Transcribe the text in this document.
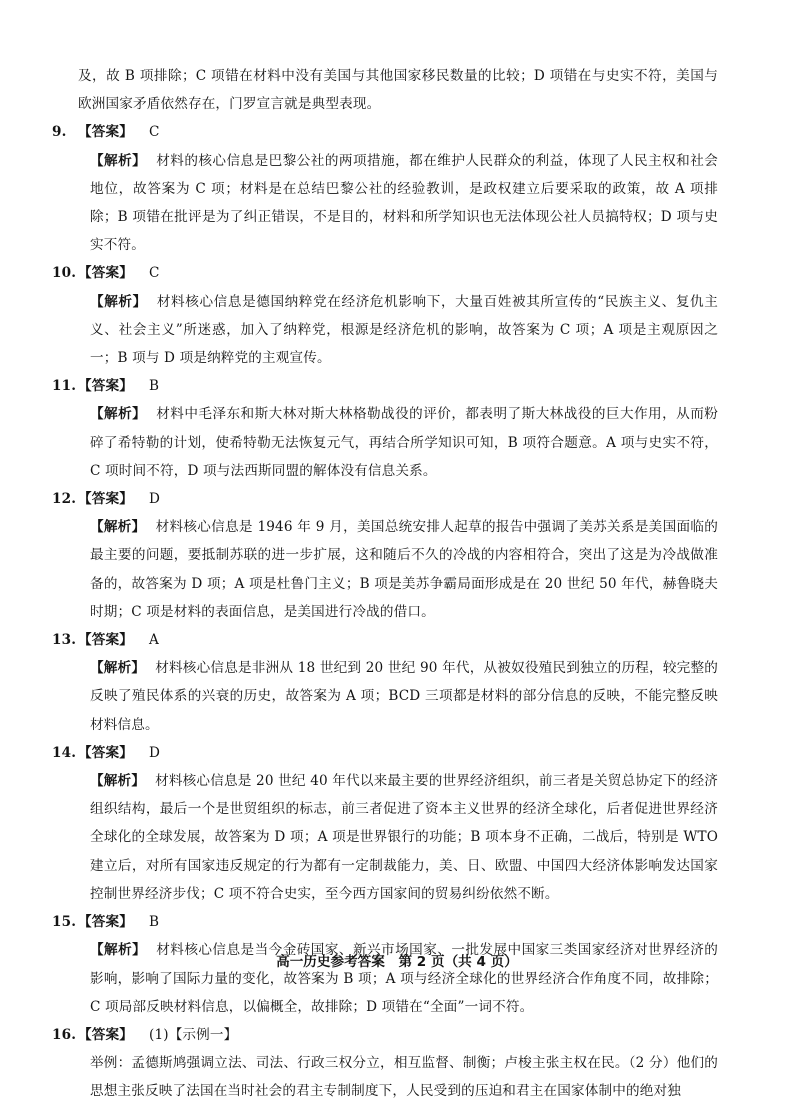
及，故 B 项排除；C 项错在材料中没有美国与其他国家移民数量的比较；D 项错在与史实不符，美国与欧洲国家矛盾依然存在，门罗宣言就是典型表现。

9. 【答案】 C

【解析】 材料的核心信息是巴黎公社的两项措施，都在维护人民群众的利益，体现了人民主权和社会地位，故答案为 C 项；材料是在总结巴黎公社的经验教训，是政权建立后要采取的政策，故 A 项排除；B 项错在批评是为了纠正错误，不是目的，材料和所学知识也无法体现公社人员搞特权；D 项与史实不符。

10. 【答案】 C

【解析】 材料核心信息是德国纳粹党在经济危机影响下，大量百姓被其所宣传的“民族主义、复仇主义、社会主义”所迷惑，加入了纳粹党，根源是经济危机的影响，故答案为 C 项；A 项是主观原因之一；B 项与 D 项是纳粹党的主观宣传。

11. 【答案】 B

【解析】 材料中毛泽东和斯大林对斯大林格勒战役的评价，都表明了斯大林战役的巨大作用，从而粉碎了希特勒的计划，使希特勒无法恢复元气，再结合所学知识可知，B 项符合题意。A 项与史实不符，C 项时间不符，D 项与法西斯同盟的解体没有信息关系。

12. 【答案】 D

【解析】 材料核心信息是 1946 年 9 月，美国总统安排人起草的报告中强调了美苏关系是美国面临的最主要的问题，要抵制苏联的进一步扩展，这和随后不久的冷战的内容相符合，突出了这是为冷战做准备的，故答案为 D 项；A 项是杜鲁门主义；B 项是美苏争霸局面形成是在 20 世纪 50 年代，赫鲁晓夫时期；C 项是材料的表面信息，是美国进行冷战的借口。

13. 【答案】 A

【解析】 材料核心信息是非洲从 18 世纪到 20 世纪 90 年代，从被奴役殖民到独立的历程，较完整的反映了殖民体系的兴衰的历史，故答案为 A 项；BCD 三项都是材料的部分信息的反映，不能完整反映材料信息。

14. 【答案】 D

【解析】 材料核心信息是 20 世纪 40 年代以来最主要的世界经济组织，前三者是关贸总协定下的经济组织结构，最后一个是世贸组织的标志，前三者促进了资本主义世界的经济全球化，后者促进世界经济全球化的全球发展，故答案为 D 项；A 项是世界银行的功能；B 项本身不正确，二战后，特别是 WTO 建立后，对所有国家违反规定的行为都有一定制裁能力，美、日、欧盟、中国四大经济体影响发达国家控制世界经济步伐；C 项不符合史实，至今西方国家间的贸易纠纷依然不断。

15. 【答案】 B

【解析】 材料核心信息是当今金砖国家、新兴市场国家、一批发展中国家三类国家经济对世界经济的影响，影响了国际力量的变化，故答案为 B 项；A 项与经济全球化的世界经济合作角度不同，故排除；C 项局部反映材料信息，以偏概全，故排除；D 项错在“全面”一词不符。

16. 【答案】 (1)【示例一】

举例：孟德斯鸠强调立法、司法、行政三权分立，相互监督、制衡；卢梭主张主权在民。（2 分）他们的思想主张反映了法国在当时社会的君主专制制度下，人民受到的压迫和君主在国家体制中的绝对独

高一历史参考答案　第 2 页（共 4 页）
